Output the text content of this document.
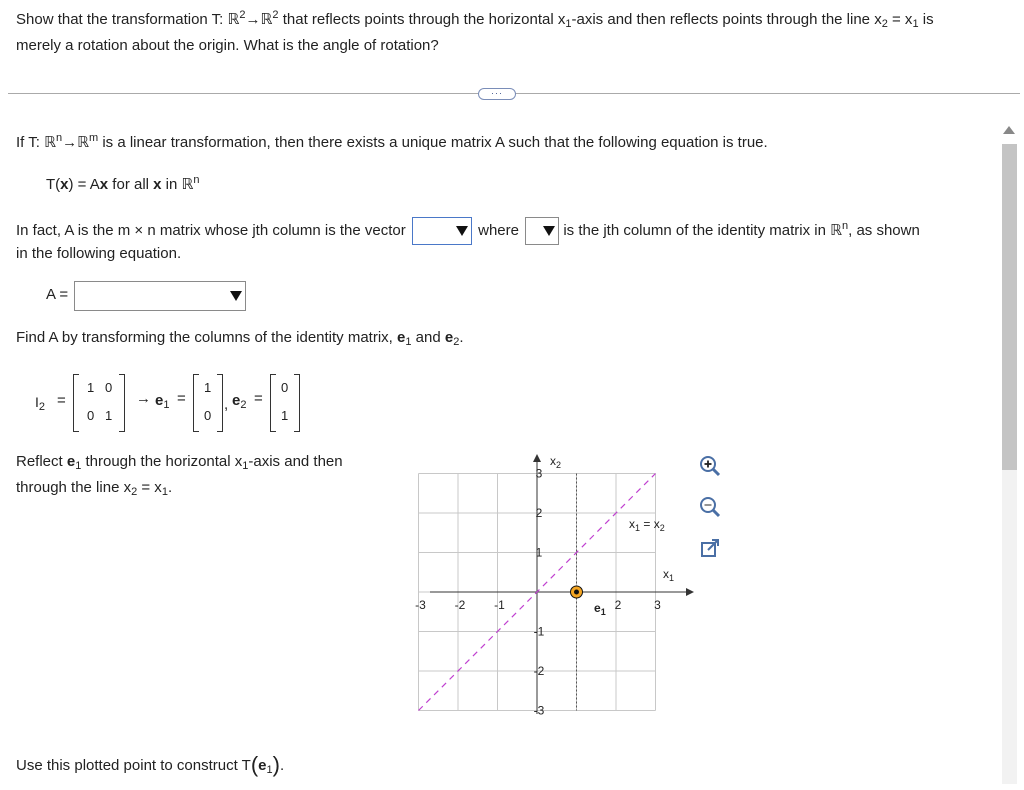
Show that the transformation T: ℝ$^2$→ℝ$^2$ that reflects points through the horizontal $x_1$-axis and then reflects points through the line $x_2 = x_1$ is
merely a rotation about the origin. What is the angle of rotation?
···
If T: ℝ$^n$→ℝ$^m$ is a linear transformation, then there exists a unique matrix A such that the following equation is true.
T(x) = Ax for all x in ℝ$^n$
In fact, A is the m × n matrix whose jth column is the vector	where	is the jth column of the identity matrix in ℝ$^n$, as shown
in the following equation.
A =
Find A by transforming the columns of the identity matrix, $e_1$ and $e_2$.
$I_2$ =
1 0
0 1
→ $e_1$ =
1
0
, $e_2$ =
0
1
Reflect $e_1$ through the horizontal $x_1$-axis and then
through the line $x_2 = x_1$.
-3 -2 -1	2	3
3
2
1
-1
-2
-3
$x_2$
$x_1$
$x_1 = x_2$
$e_1$
Use this plotted point to construct $T(e_1)$.
